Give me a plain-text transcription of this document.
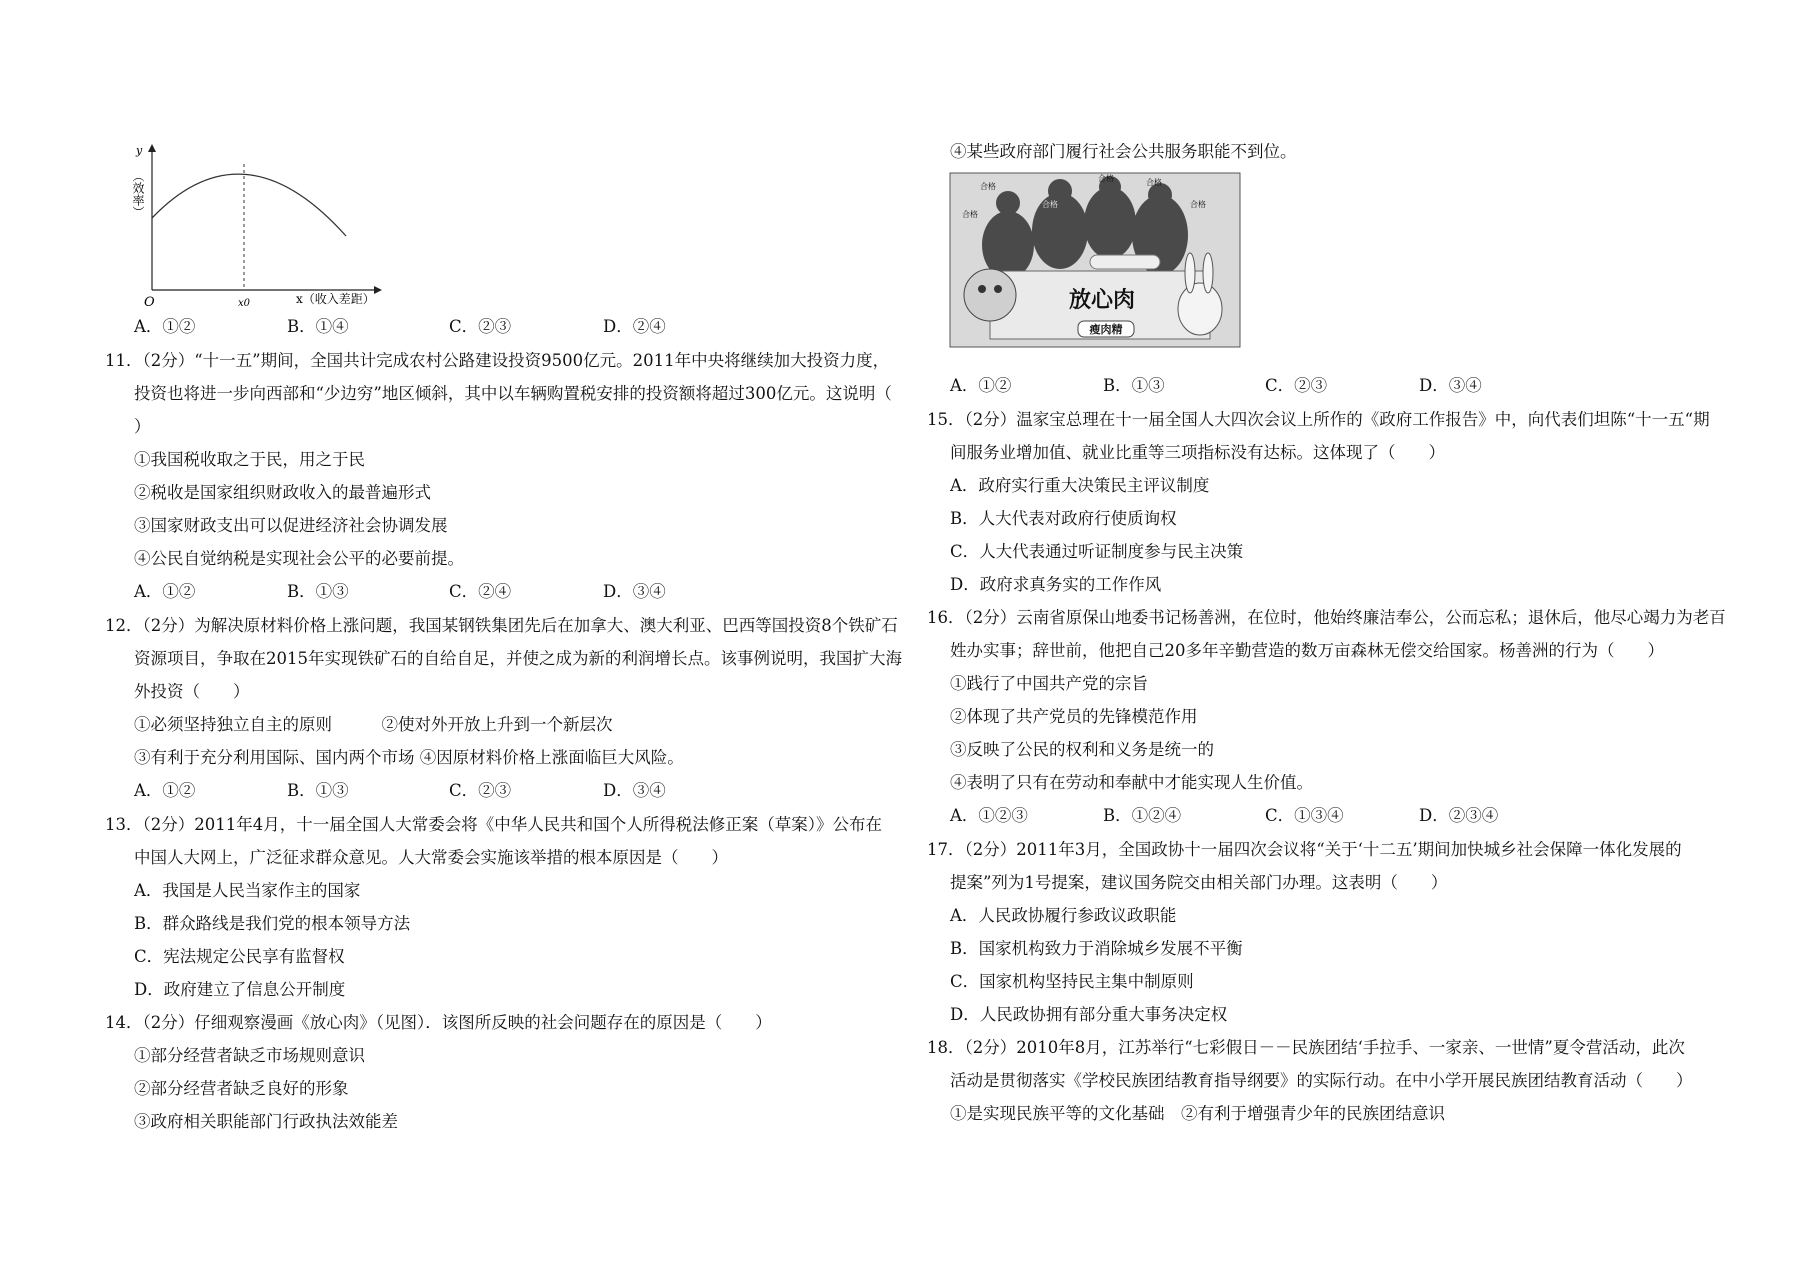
y
（效率）
O	x0	x（收入差距）
A．①②	B．①④	C．②③	D．②④
11．（2分）“十一五”期间，全国共计完成农村公路建设投资9500亿元。2011年中央将继续加大投资力度，
投资也将进一步向西部和“少边穷”地区倾斜，其中以车辆购置税安排的投资额将超过300亿元。这说明（
）
①我国税收取之于民，用之于民
②税收是国家组织财政收入的最普遍形式
③国家财政支出可以促进经济社会协调发展
④公民自觉纳税是实现社会公平的必要前提。
A．①②	B．①③	C．②④	D．③④
12．（2分）为解决原材料价格上涨问题，我国某钢铁集团先后在加拿大、澳大利亚、巴西等国投资8个铁矿石
资源项目，争取在2015年实现铁矿石的自给自足，并使之成为新的利润增长点。该事例说明，我国扩大海
外投资（　　）
①必须坚持独立自主的原则　　　②使对外开放上升到一个新层次
③有利于充分利用国际、国内两个市场 ④因原材料价格上涨面临巨大风险。
A．①②	B．①③	C．②③	D．③④
13．（2分）2011年4月，十一届全国人大常委会将《中华人民共和国个人所得税法修正案（草案）》公布在
中国人大网上，广泛征求群众意见。人大常委会实施该举措的根本原因是（　　）
A．我国是人民当家作主的国家
B．群众路线是我们党的根本领导方法
C．宪法规定公民享有监督权
D．政府建立了信息公开制度
14．（2分）仔细观察漫画《放心肉》（见图）．该图所反映的社会问题存在的原因是（　　）
①部分经营者缺乏市场规则意识
②部分经营者缺乏良好的形象
③政府相关职能部门行政执法效能差
④某些政府部门履行社会公共服务职能不到位。
放心肉
瘦肉精
合格
合格
合格	合格
合格
合格
A．①②	B．①③	C．②③	D．③④
15．（2分）温家宝总理在十一届全国人大四次会议上所作的《政府工作报告》中，向代表们坦陈“十一五“期
间服务业增加值、就业比重等三项指标没有达标。这体现了（　　）
A．政府实行重大决策民主评议制度
B．人大代表对政府行使质询权
C．人大代表通过听证制度参与民主决策
D．政府求真务实的工作作风
16．（2分）云南省原保山地委书记杨善洲，在位时，他始终廉洁奉公，公而忘私；退休后，他尽心竭力为老百
姓办实事；辞世前，他把自己20多年辛勤营造的数万亩森林无偿交给国家。杨善洲的行为（　　）
①践行了中国共产党的宗旨
②体现了共产党员的先锋模范作用
③反映了公民的权利和义务是统一的
④表明了只有在劳动和奉献中才能实现人生价值。
A．①②③	B．①②④	C．①③④	D．②③④
17．（2分）2011年3月，全国政协十一届四次会议将“关于‘十二五’期间加快城乡社会保障一体化发展的
提案”列为1号提案，建议国务院交由相关部门办理。这表明（　　）
A．人民政协履行参政议政职能
B．国家机构致力于消除城乡发展不平衡
C．国家机构坚持民主集中制原则
D．人民政协拥有部分重大事务决定权
18．（2分）2010年8月，江苏举行“七彩假日－－民族团结‘手拉手、一家亲、一世情”夏令营活动，此次
活动是贯彻落实《学校民族团结教育指导纲要》的实际行动。在中小学开展民族团结教育活动（　　）
①是实现民族平等的文化基础　②有利于增强青少年的民族团结意识
